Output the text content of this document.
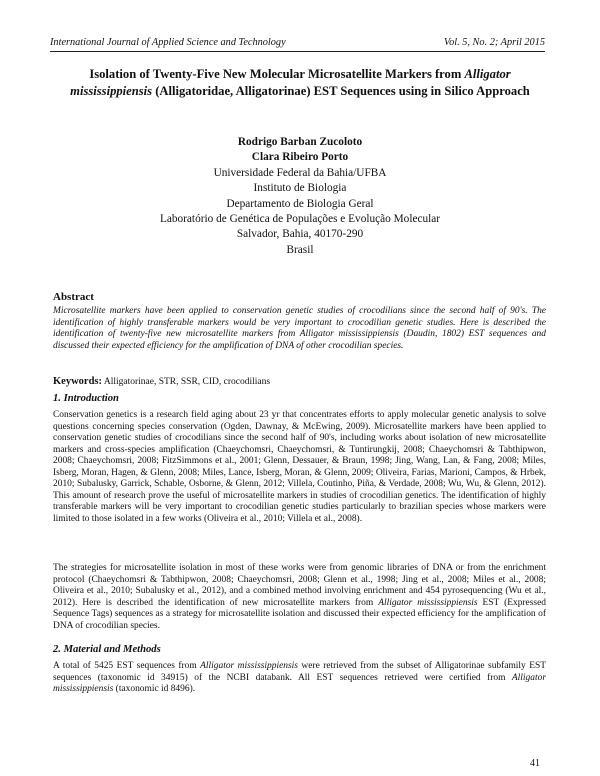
International Journal of Applied Science and Technology	Vol. 5, No. 2; April 2015
Isolation of Twenty-Five New Molecular Microsatellite Markers from Alligator mississippiensis (Alligatoridae, Alligatorinae) EST Sequences using in Silico Approach
Rodrigo Barban Zucoloto
Clara Ribeiro Porto
Universidade Federal da Bahia/UFBA
Instituto de Biologia
Departamento de Biologia Geral
Laboratório de Genética de Populações e Evolução Molecular
Salvador, Bahia, 40170-290
Brasil
Abstract

Microsatellite markers have been applied to conservation genetic studies of crocodilians since the second half of 90's. The identification of highly transferable markers would be very important to crocodilian genetic studies. Here is described the identification of twenty-five new microsatellite markers from Alligator mississippiensis (Daudin, 1802) EST sequences and discussed their expected efficiency for the amplification of DNA of other crocodilian species.

Keywords: Alligatorinae, STR, SSR, CID, crocodilians
1. Introduction

Conservation genetics is a research field aging about 23 yr that concentrates efforts to apply molecular genetic analysis to solve questions concerning species conservation (Ogden, Dawnay, & McEwing, 2009). Microsatellite markers have been applied to conservation genetic studies of crocodilians since the second half of 90's, including works about isolation of new microsatellite markers and cross-species amplification (Chaeychomsri, Chaeychomsri, & Tuntirungkij, 2008; Chaeychomsri & Tabthipwon, 2008; Chaeychomsri, 2008; FitzSimmons et al., 2001; Glenn, Dessauer, & Braun, 1998; Jing, Wang, Lan, & Fang, 2008; Miles, Isberg, Moran, Hagen, & Glenn, 2008; Miles, Lance, Isberg, Moran, & Glenn, 2009; Oliveira, Farias, Marioni, Campos, & Hrbek, 2010; Subalusky, Garrick, Schable, Osborne, & Glenn, 2012; Villela, Coutinho, Piña, & Verdade, 2008; Wu, Wu, & Glenn, 2012). This amount of research prove the useful of microsatellite markers in studies of crocodilian genetics. The identification of highly transferable markers will be very important to crocodilian genetic studies particularly to brazilian species whose markers were limited to those isolated in a few works (Oliveira et al., 2010; Villela et al., 2008).

The strategies for microsatellite isolation in most of these works were from genomic libraries of DNA or from the enrichment protocol (Chaeychomsri & Tabthipwon, 2008; Chaeychomsri, 2008; Glenn et al., 1998; Jing et al., 2008; Miles et al., 2008; Oliveira et al., 2010; Subalusky et al., 2012), and a combined method involving enrichment and 454 pyrosequencing (Wu et al., 2012). Here is described the identification of new microsatellite markers from Alligator mississippiensis EST (Expressed Sequence Tags) sequences as a strategy for microsatellite isolation and discussed their expected efficiency for the amplification of DNA of crocodilian species.

2. Material and Methods

A total of 5425 EST sequences from Alligator mississippiensis were retrieved from the subset of Alligatorinae subfamily EST sequences (taxonomic id 34915) of the NCBI databank. All EST sequences retrieved were certified from Alligator mississippiensis (taxonomic id 8496).

41
